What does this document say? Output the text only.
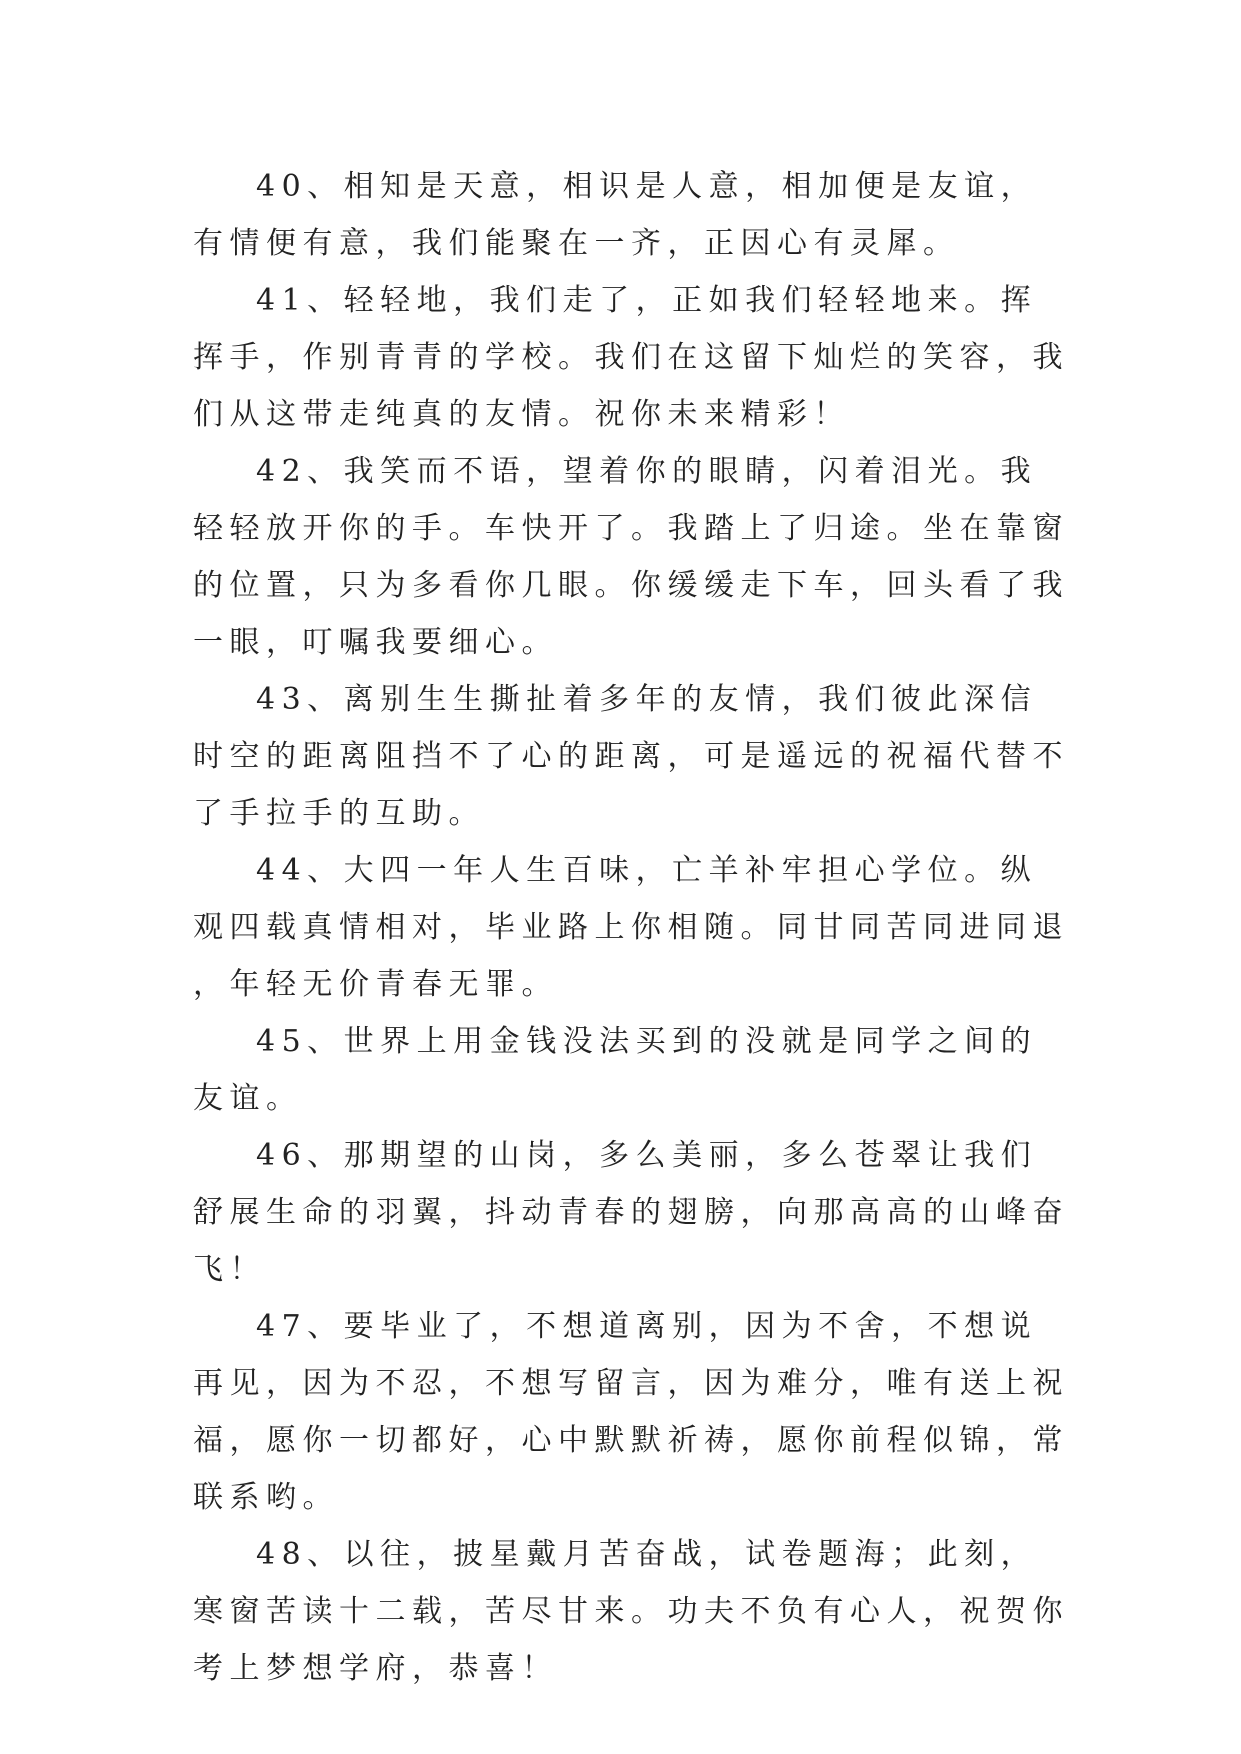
40、相知是天意，相识是人意，相加便是友谊，有情便有意，我们能聚在一齐，正因心有灵犀。

41、轻轻地，我们走了，正如我们轻轻地来。挥挥手，作别青青的学校。我们在这留下灿烂的笑容，我们从这带走纯真的友情。祝你未来精彩！

42、我笑而不语，望着你的眼睛，闪着泪光。我轻轻放开你的手。车快开了。我踏上了归途。坐在靠窗的位置，只为多看你几眼。你缓缓走下车，回头看了我一眼，叮嘱我要细心。

43、离别生生撕扯着多年的友情，我们彼此深信时空的距离阻挡不了心的距离，可是遥远的祝福代替不了手拉手的互助。

44、大四一年人生百味，亡羊补牢担心学位。纵观四载真情相对，毕业路上你相随。同甘同苦同进同退，年轻无价青春无罪。

45、世界上用金钱没法买到的没就是同学之间的友谊。

46、那期望的山岗，多么美丽，多么苍翠让我们舒展生命的羽翼，抖动青春的翅膀，向那高高的山峰奋飞！

47、要毕业了，不想道离别，因为不舍，不想说再见，因为不忍，不想写留言，因为难分，唯有送上祝福，愿你一切都好，心中默默祈祷，愿你前程似锦，常联系哟。

48、以往，披星戴月苦奋战，试卷题海；此刻，寒窗苦读十二载，苦尽甘来。功夫不负有心人，祝贺你考上梦想学府，恭喜！
